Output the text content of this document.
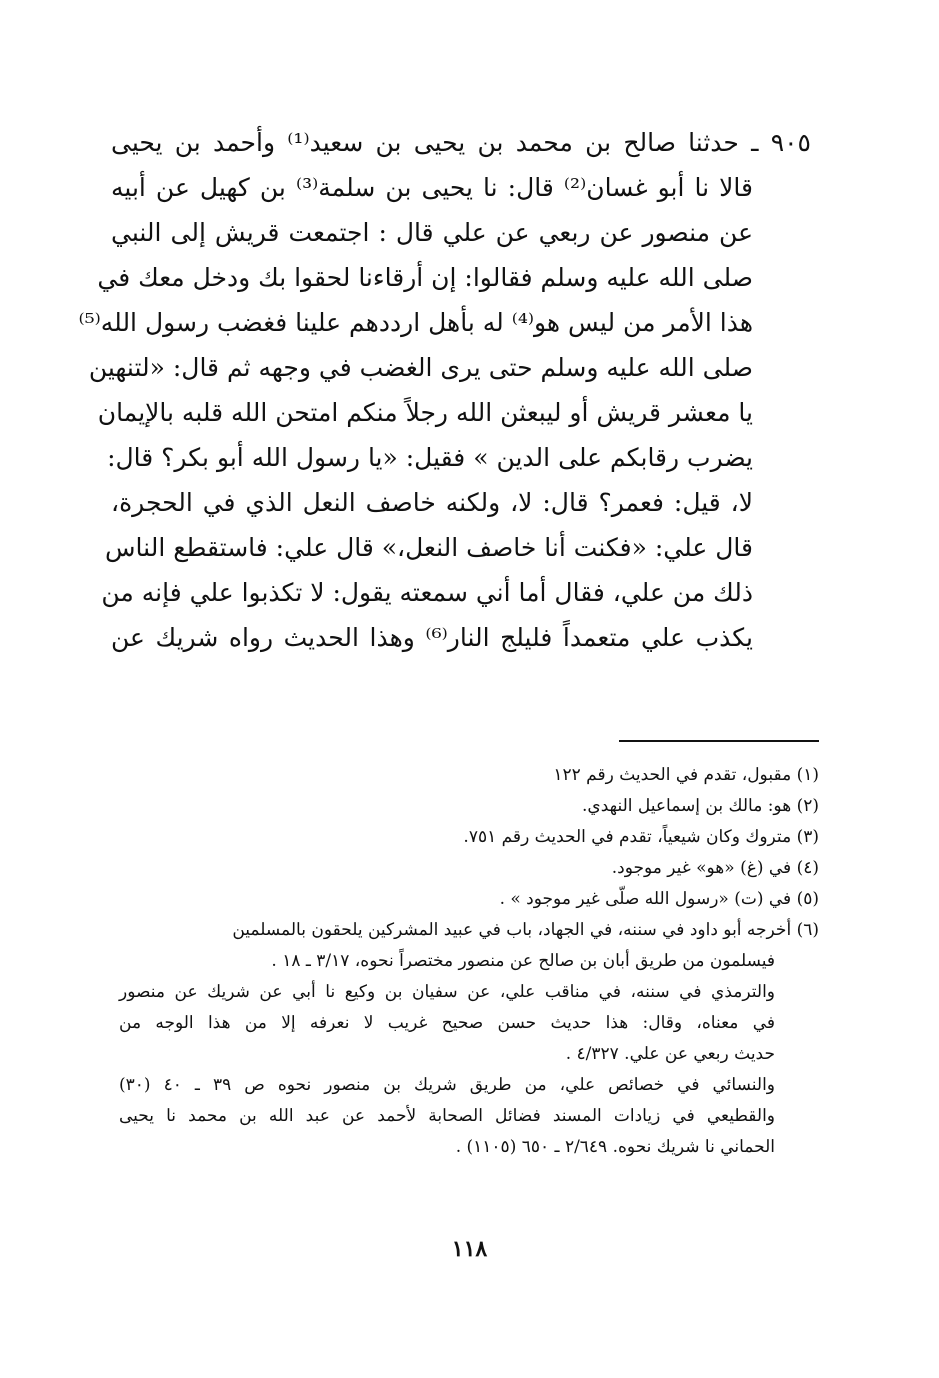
٩٠٥ ـ حدثنا صالح بن محمد بن يحيى بن سعيد⁽¹⁾ وأحمد بن يحيى
قالا نا أبو غسان⁽²⁾ قال: نا يحيى بن سلمة⁽³⁾ بن كهيل عن أبيه
عن منصور عن ربعي عن علي قال : اجتمعت قريش إلى النبي
صلى الله عليه وسلم فقالوا: إن أرقاءنا لحقوا بك ودخل معك في
هذا الأمر من ليس هو⁽⁴⁾ له بأهل اردد‌هم علينا فغضب رسول الله⁽⁵⁾
صلى الله عليه وسلم حتى يرى الغضب في وجهه ثم قال: «لتنهين
يا معشر قريش أو ليبعثن الله رجلاً منكم امتحن الله قلبه بالإيمان
يضرب رقابكم على الدين » فقيل: «يا رسول الله أبو بكر؟ قال:
لا، قيل: فعمر؟ قال: لا، ولكنه خاصف النعل الذي في الحجرة،
قال علي: «فكنت أنا خاصف النعل،» قال علي: فاستقطع الناس
ذلك من علي، فقال أما أني سمعته يقول: لا تكذبوا علي فإنه من
يكذب علي متعمداً فليلج النار⁽⁶⁾ وهذا الحديث رواه شريك عن
(١) مقبول، تقدم في الحديث رقم ١٢٢
(٢) هو: مالك بن إسماعيل النهدي.
(٣) متروك وكان شيعياً، تقدم في الحديث رقم ٧٥١.
(٤) في (غ) «هو» غير موجود.
(٥) في (ت) «رسول الله صلّى غير موجود » .
(٦) أخرجه أبو داود في سننه، في الجهاد، باب في عبيد المشركين يلحقون بالمسلمين
فيسلمون من طريق أبان بن صالح عن منصور مختصراً نحوه، ٣/١٧ ـ ١٨ .
والترمذي في سننه، في مناقب علي، عن سفيان بن وكيع نا أبي عن شريك عن منصور
في معناه، وقال: هذا حديث حسن صحيح غريب لا نعرفه إلا من هذا الوجه من
حديث ربعي عن علي. ٤/٣٢٧ .
والنسائي في خصائص علي، من طريق شريك بن منصور نحوه ص ٣٩ ـ ٤٠ (٣٠)
والقطيعي في زيادات المسند فضائل الصحابة لأحمد عن عبد الله بن محمد نا يحيى
الحماني نا شريك نحوه. ٢/٦٤٩ ـ ٦٥٠ (١١٠٥) .
١١٨
